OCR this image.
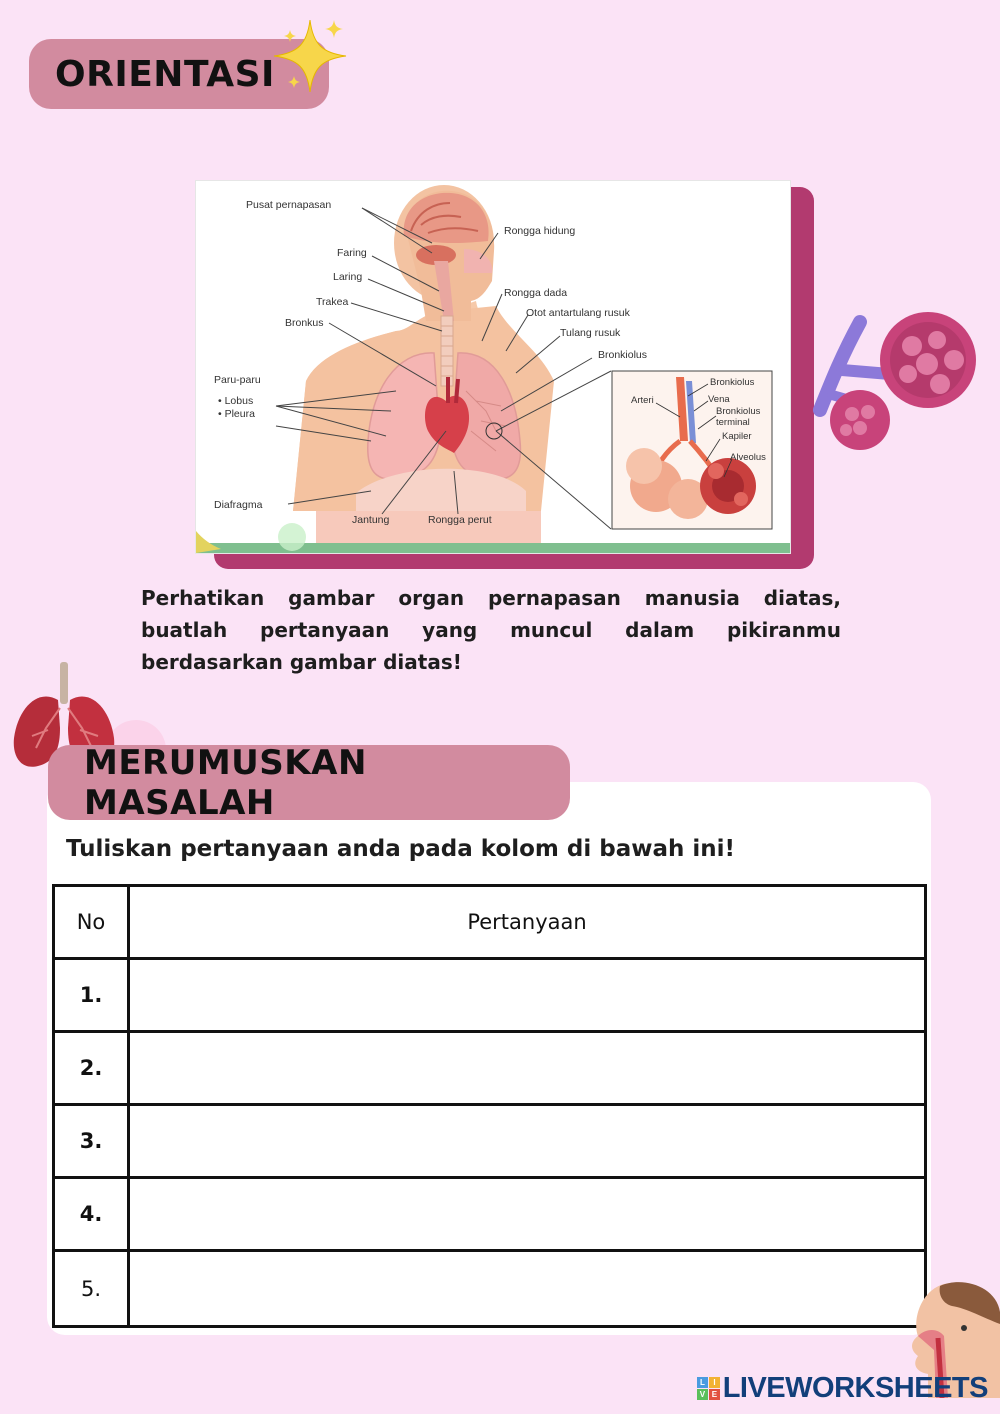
ORIENTASI
Pusat pernapasan
Rongga hidung
Faring
Laring
Rongga dada
Trakea
Otot antartulang rusuk
Bronkus
Tulang rusuk
Bronkiolus
Paru-paru
• Lobus
• Pleura
Diafragma
Jantung	Rongga perut
Bronkiolus
Arteri	Vena
Bronkiolus
terminal
Kapiler
Alveolus
Perhatikan gambar organ pernapasan manusia diatas, buatlah pertanyaan yang muncul dalam pikiranmu berdasarkan gambar diatas!
MERUMUSKAN MASALAH
Tuliskan pertanyaan anda pada kolom di bawah ini!
No	Pertanyaan
1.	
2.	
3.	
4.	
5.	
L	I
V E LIVEWORKSHEETS
